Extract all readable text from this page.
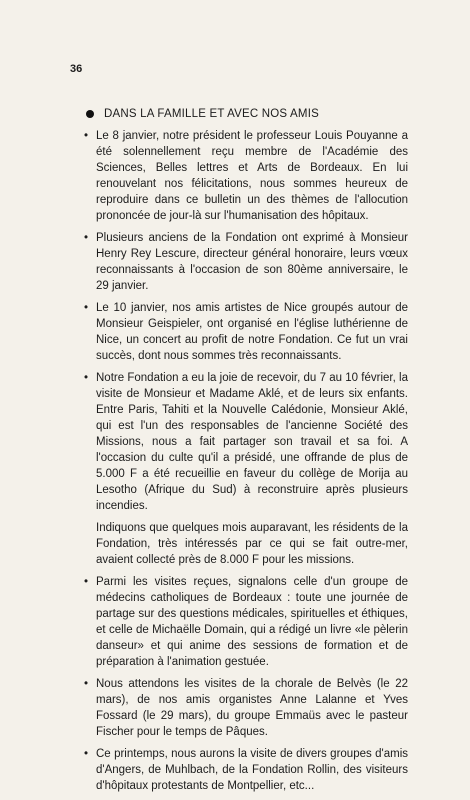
36
DANS LA FAMILLE ET AVEC NOS AMIS
• Le 8 janvier, notre président le professeur Louis Pouyanne a été solennellement reçu membre de l'Académie des Sciences, Belles lettres et Arts de Bordeaux. En lui renouvelant nos félicitations, nous sommes heureux de reproduire dans ce bulletin un des thèmes de l'allocution prononcée de jour-là sur l'humanisation des hôpitaux.

• Plusieurs anciens de la Fondation ont exprimé à Monsieur Henry Rey Lescure, directeur général honoraire, leurs vœux reconnaissants à l'occasion de son 80ème anniversaire, le 29 janvier.

• Le 10 janvier, nos amis artistes de Nice groupés autour de Monsieur Geispieler, ont organisé en l'église luthérienne de Nice, un concert au profit de notre Fondation. Ce fut un vrai succès, dont nous sommes très reconnaissants.

• Notre Fondation a eu la joie de recevoir, du 7 au 10 février, la visite de Monsieur et Madame Aklé, et de leurs six enfants. Entre Paris, Tahiti et la Nouvelle Calédonie, Monsieur Aklé, qui est l'un des responsables de l'ancienne Société des Missions, nous a fait partager son travail et sa foi. A l'occasion du culte qu'il a présidé, une offrande de plus de 5.000 F a été recueillie en faveur du collège de Morija au Lesotho (Afrique du Sud) à reconstruire après plusieurs incendies.

Indiquons que quelques mois auparavant, les résidents de la Fondation, très intéressés par ce qui se fait outre-mer, avaient collecté près de 8.000 F pour les missions.

• Parmi les visites reçues, signalons celle d'un groupe de médecins catholiques de Bordeaux : toute une journée de partage sur des questions médicales, spirituelles et éthiques, et celle de Michaëlle Domain, qui a rédigé un livre «le pèlerin danseur» et qui anime des sessions de formation et de préparation à l'animation gestuée.

• Nous attendons les visites de la chorale de Belvès (le 22 mars), de nos amis organistes Anne Lalanne et Yves Fossard (le 29 mars), du groupe Emmaüs avec le pasteur Fischer pour le temps de Pâques.

• Ce printemps, nous aurons la visite de divers groupes d'amis d'Angers, de Muhlbach, de la Fondation Rollin, des visiteurs d'hôpitaux protestants de Montpellier, etc...
